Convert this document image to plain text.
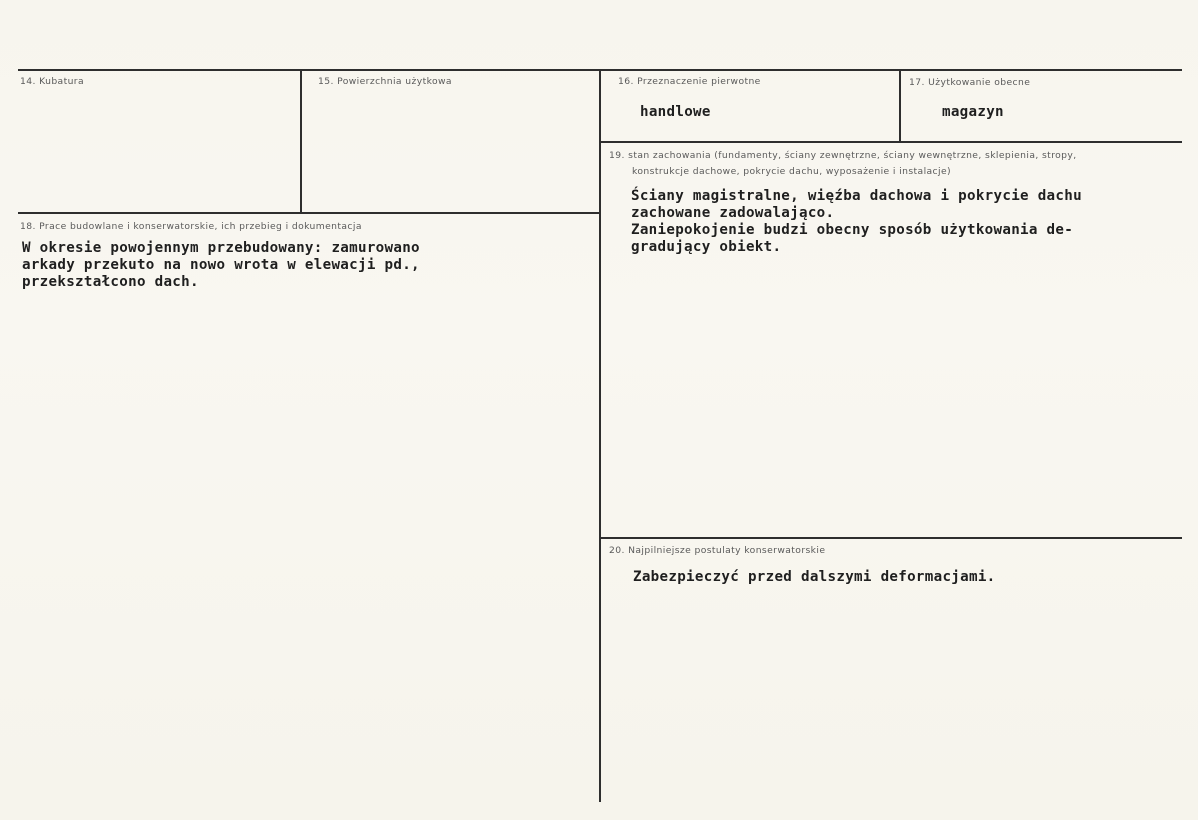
14. Kubatura	15. Powierzchnia użytkowa	16. Przeznaczenie pierwotne
handlowe
17. Użytkowanie obecne
magazyn
18. Prace budowlane i konserwatorskie, ich przebieg i dokumentacja
W okresie powojennym przebudowany: zamurowano
arkady przekuto na nowo wrota w elewacji pd.,
przekształcono dach.
19. stan zachowania (fundamenty, ściany zewnętrzne, ściany wewnętrzne, sklepienia, stropy,
konstrukcje dachowe, pokrycie dachu, wyposażenie i instalacje)
Ściany magistralne, więźba dachowa i pokrycie dachu
zachowane zadowalająco.
Zaniepokojenie budzi obecny sposób użytkowania de-
gradujący obiekt.
20. Najpilniejsze postulaty konserwatorskie
Zabezpieczyć przed dalszymi deformacjami.
